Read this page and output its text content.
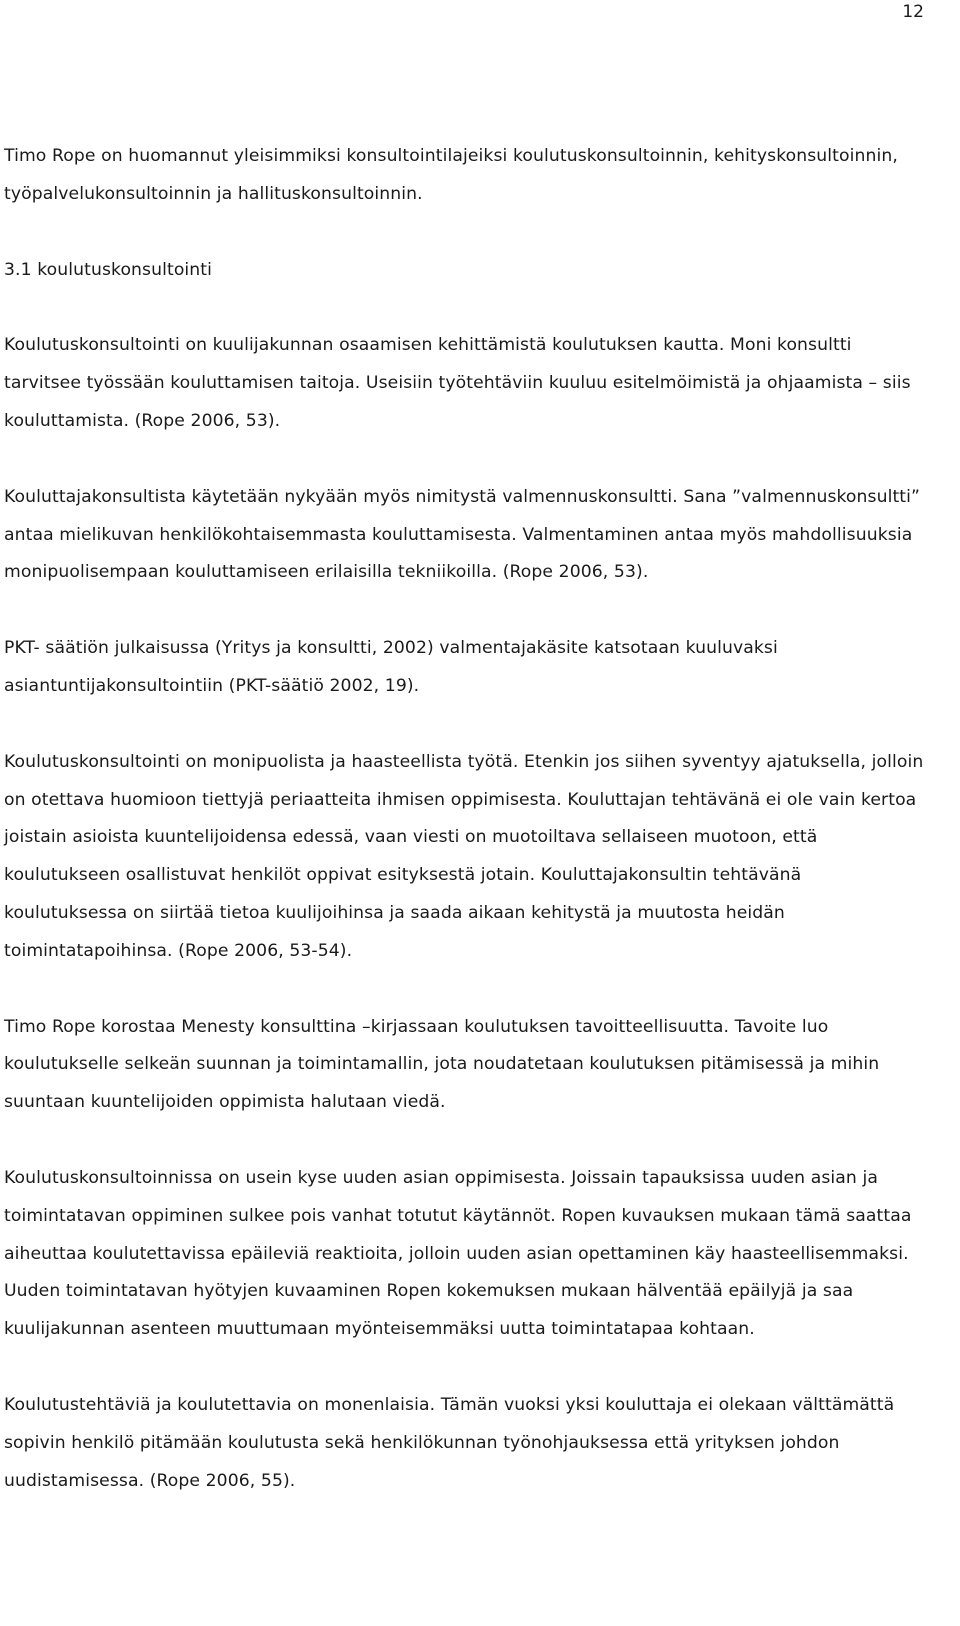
12

Timo Rope on huomannut yleisimmiksi konsultointilajeiksi koulutuskonsultoinnin, kehityskonsultoinnin, työpalvelukonsultoinnin ja hallituskonsultoinnin.

3.1 koulutuskonsultointi

Koulutuskonsultointi on kuulijakunnan osaamisen kehittämistä koulutuksen kautta. Moni konsultti tarvitsee työssään kouluttamisen taitoja. Useisiin työtehtäviin kuuluu esitelmöimistä ja ohjaamista – siis kouluttamista. (Rope 2006, 53).

Kouluttajakonsultista käytetään nykyään myös nimitystä valmennuskonsultti. Sana ”valmennuskonsultti” antaa mielikuvan henkilökohtaisemmasta kouluttamisesta. Valmentaminen antaa myös mahdollisuuksia monipuolisempaan kouluttamiseen erilaisilla tekniikoilla. (Rope 2006, 53).

PKT- säätiön julkaisussa (Yritys ja konsultti, 2002) valmentajakäsite katsotaan kuuluvaksi asiantuntijakonsultointiin (PKT-säätiö 2002, 19).

Koulutuskonsultointi on monipuolista ja haasteellista työtä. Etenkin jos siihen syventyy ajatuksella, jolloin on otettava huomioon tiettyjä periaatteita ihmisen oppimisesta. Kouluttajan tehtävänä ei ole vain kertoa joistain asioista kuuntelijoidensa edessä, vaan viesti on muotoiltava sellaiseen muotoon, että koulutukseen osallistuvat henkilöt oppivat esityksestä jotain. Kouluttajakonsultin tehtävänä koulutuksessa on siirtää tietoa kuulijoihinsa ja saada aikaan kehitystä ja muutosta heidän toimintatapoihinsa. (Rope 2006, 53-54).

Timo Rope korostaa Menesty konsulttina –kirjassaan koulutuksen tavoitteellisuutta. Tavoite luo koulutukselle selkeän suunnan ja toimintamallin, jota noudatetaan koulutuksen pitämisessä ja mihin suuntaan kuuntelijoiden oppimista halutaan viedä.

Koulutuskonsultoinnissa on usein kyse uuden asian oppimisesta. Joissain tapauksissa uuden asian ja toimintatavan oppiminen sulkee pois vanhat totutut käytännöt. Ropen kuvauksen mukaan tämä saattaa aiheuttaa koulutettavissa epäileviä reaktioita, jolloin uuden asian opettaminen käy haasteellisemmaksi. Uuden toimintatavan hyötyjen kuvaaminen Ropen kokemuksen mukaan hälventää epäilyjä ja saa kuulijakunnan asenteen muuttumaan myönteisemmäksi uutta toimintatapaa kohtaan.

Koulutustehtäviä ja koulutettavia on monenlaisia. Tämän vuoksi yksi kouluttaja ei olekaan välttämättä sopivin henkilö pitämään koulutusta sekä henkilökunnan työnohjauksessa että yrityksen johdon uudistamisessa. (Rope 2006, 55).
